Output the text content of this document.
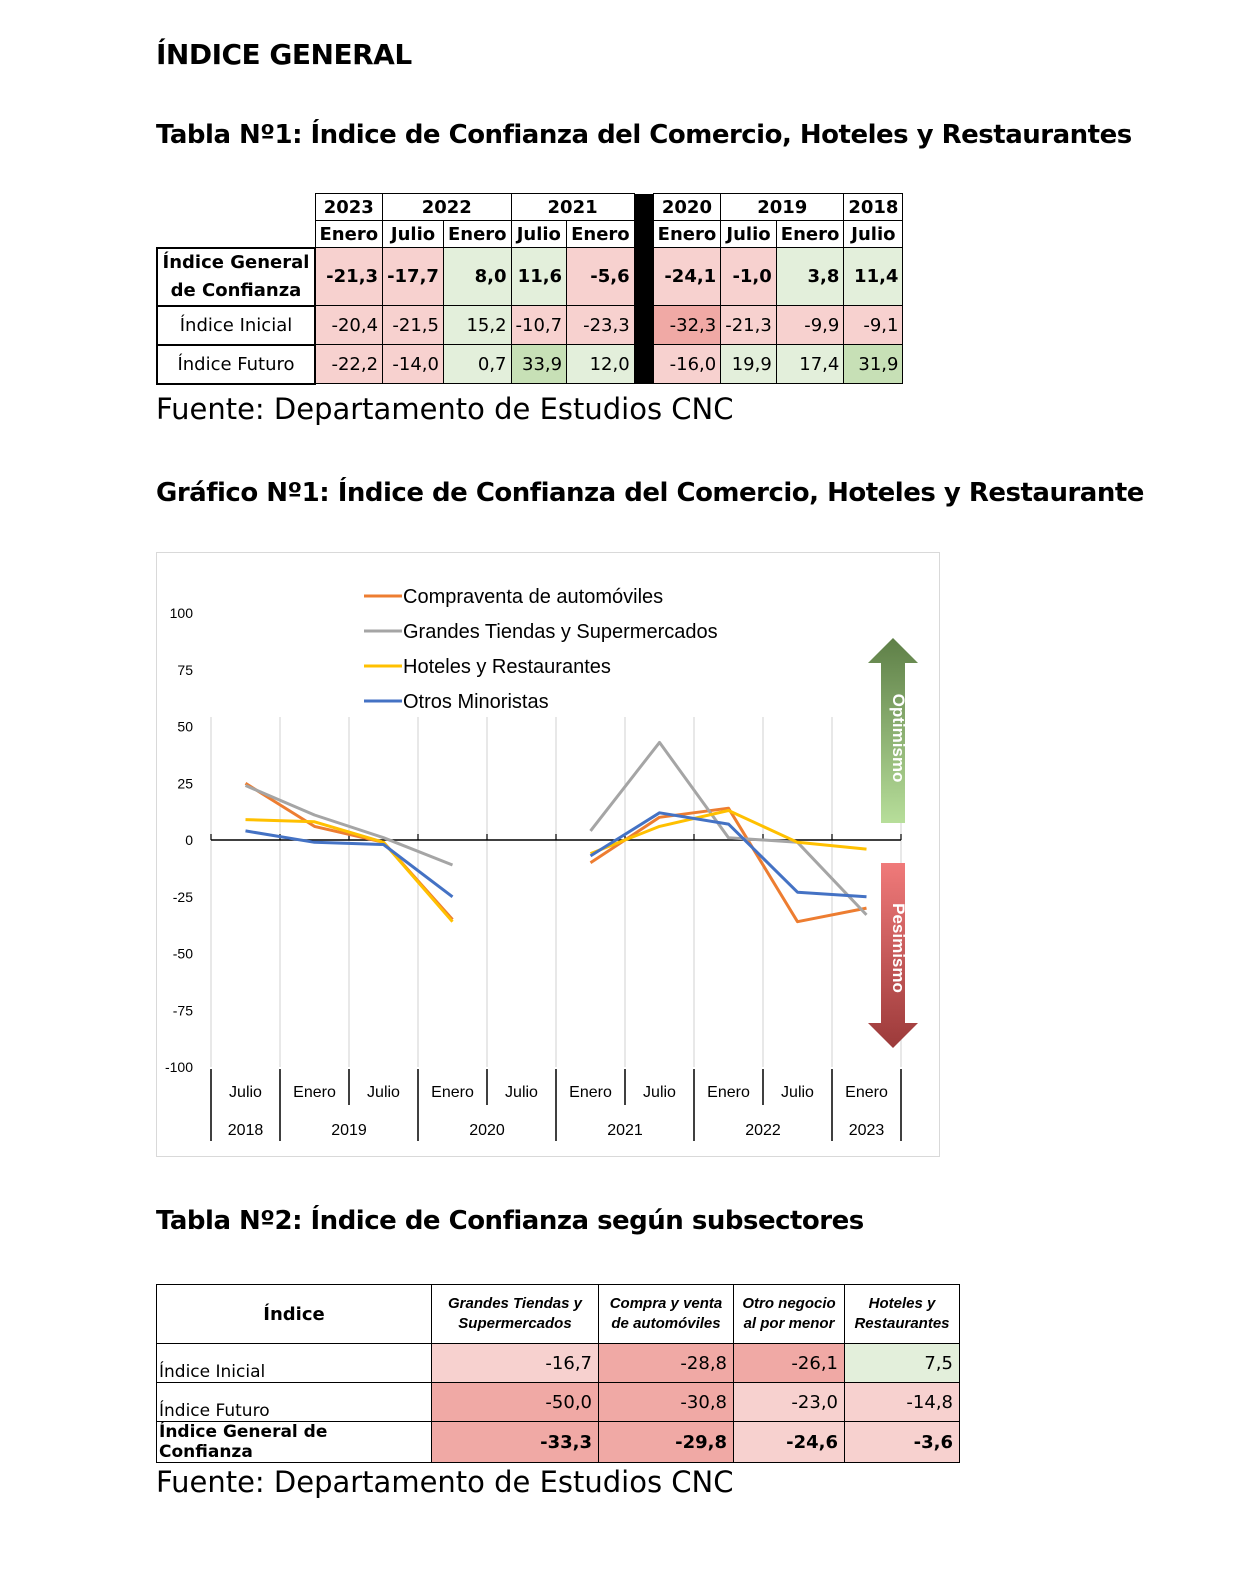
ÍNDICE GENERAL
Tabla Nº1: Índice de Confianza del Comercio, Hoteles y Restaurantes
	2023	2022		2021			2020	2019		2018
	Enero	Julio	Enero	Julio	Enero		Enero	Julio	Enero	Julio
Índice General de Confianza	-21,3	-17,7	8,0	11,6	-5,6		-24,1	-1,0	3,8	11,4
Índice Inicial	-20,4	-21,5	15,2	-10,7	-23,3		-32,3	-21,3	-9,9	-9,1
Índice Futuro	-22,2	-14,0	0,7	33,9	12,0		-16,0	19,9	17,4	31,9
Fuente: Departamento de Estudios CNC
Gráfico Nº1: Índice de Confianza del Comercio, Hoteles y Restaurante
100
75
50
25
0
-25
-50
-75
-100
Julio Enero Julio Enero Julio Enero Julio Enero Julio Enero
2018	2019	2020	2021	2022	2023
Compraventa de automóviles
Grandes Tiendas y Supermercados
Hoteles y Restaurantes
Otros Minoristas	Optimismo
Pesimismo
Tabla Nº2: Índice de Confianza según subsectores
Índice	Grandes Tiendas y Supermercados	Compra y venta de automóviles	Otro negocio al por menor	Hoteles y Restaurantes
Índice Inicial	-16,7	-28,8	-26,1	7,5
Índice Futuro	-50,0	-30,8	-23,0	-14,8
Índice General de Confianza	-33,3	-29,8	-24,6	-3,6
Fuente: Departamento de Estudios CNC
